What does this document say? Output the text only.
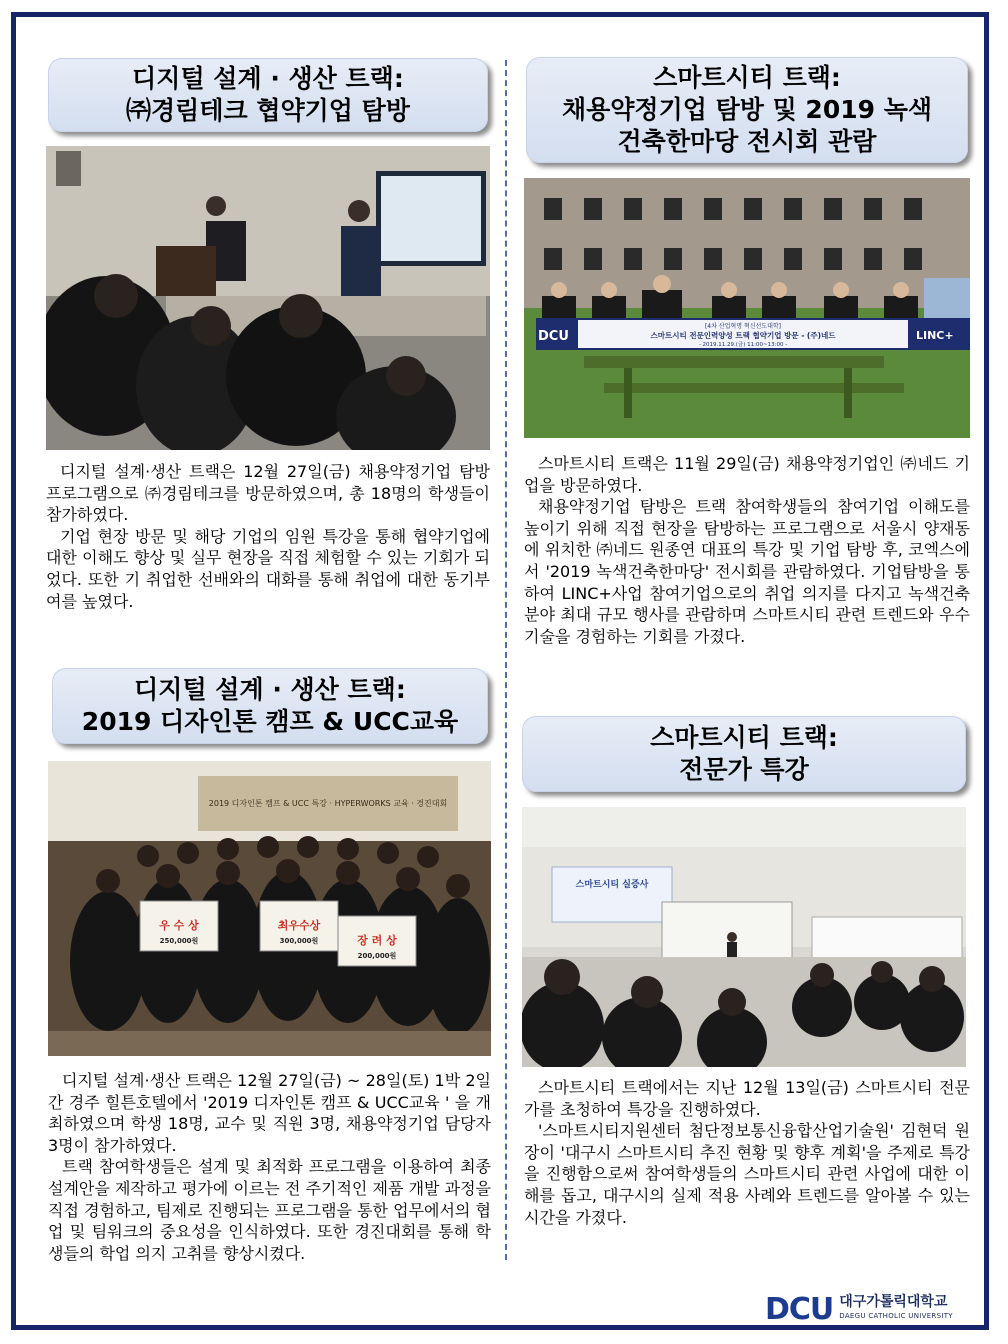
디지털 설계 · 생산 트랙:
㈜경림테크 협약기업 탐방

디지털 설계·생산 트랙은 12월 27일(금) 채용약정기업 탐방 프로그램으로 ㈜경림테크를 방문하였으며, 총 18명의 학생들이 참가하였다.

기업 현장 방문 및 해당 기업의 임원 특강을 통해 협약기업에 대한 이해도 향상 및 실무 현장을 직접 체험할 수 있는 기회가 되었다. 또한 기 취업한 선배와의 대화를 통해 취업에 대한 동기부여를 높였다.

스마트시티 트랙:
채용약정기업 탐방 및 2019 녹색
건축한마당 전시회 관람
DCU
[4차 산업혁명 혁신선도대학]
스마트시티 전문인력양성 트랙 협약기업 방문 - (주)네드
- 2019.11.29.(금) 11:00~13:00 -
LINC+

스마트시티 트랙은 11월 29일(금) 채용약정기업인 ㈜네드 기업을 방문하였다.

채용약정기업 탐방은 트랙 참여학생들의 참여기업 이해도를 높이기 위해 직접 현장을 탐방하는 프로그램으로 서울시 양재동에 위치한 ㈜네드 원종연 대표의 특강 및 기업 탐방 후, 코엑스에서 '2019 녹색건축한마당' 전시회를 관람하였다. 기업탐방을 통하여 LINC+사업 참여기업으로의 취업 의지를 다지고 녹색건축 분야 최대 규모 행사를 관람하며 스마트시티 관련 트렌드와 우수기술을 경험하는 기회를 가졌다.

디지털 설계 · 생산 트랙:
2019 디자인톤 캠프 & UCC교육
2019 디자인톤 캠프 & UCC 특강 · HYPERWORKS 교육 · 경진대회
우 수 상
250,000원
최우수상
300,000원	장 려 상
200,000원

디지털 설계·생산 트랙은 12월 27일(금) ~ 28일(토) 1박 2일간 경주 힐튼호텔에서 '2019 디자인톤 캠프 & UCC교육 ' 을 개최하였으며 학생 18명, 교수 및 직원 3명, 채용약정기업 담당자 3명이 참가하였다.

트랙 참여학생들은 설계 및 최적화 프로그램을 이용하여 최종 설계안을 제작하고 평가에 이르는 전 주기적인 제품 개발 과정을 직접 경험하고, 팀제로 진행되는 프로그램을 통한 업무에서의 협업 및 팀워크의 중요성을 인식하였다. 또한 경진대회를 통해 학생들의 학업 의지 고취를 향상시켰다.

스마트시티 트랙:
전문가 특강
스마트시티 실증사

스마트시티 트랙에서는 지난 12월 13일(금) 스마트시티 전문가를 초청하여 특강을 진행하였다.

'스마트시티지원센터 첨단정보통신융합산업기술원' 김현덕 원장이 '대구시 스마트시티 추진 현황 및 향후 계획'을 주제로 특강을 진행함으로써 참여학생들의 스마트시티 관련 사업에 대한 이해를 돕고, 대구시의 실제 적용 사례와 트렌드를 알아볼 수 있는 시간을 가졌다.

DCU 대구가톨릭대학교
DAEGU CATHOLIC UNIVERSITY
